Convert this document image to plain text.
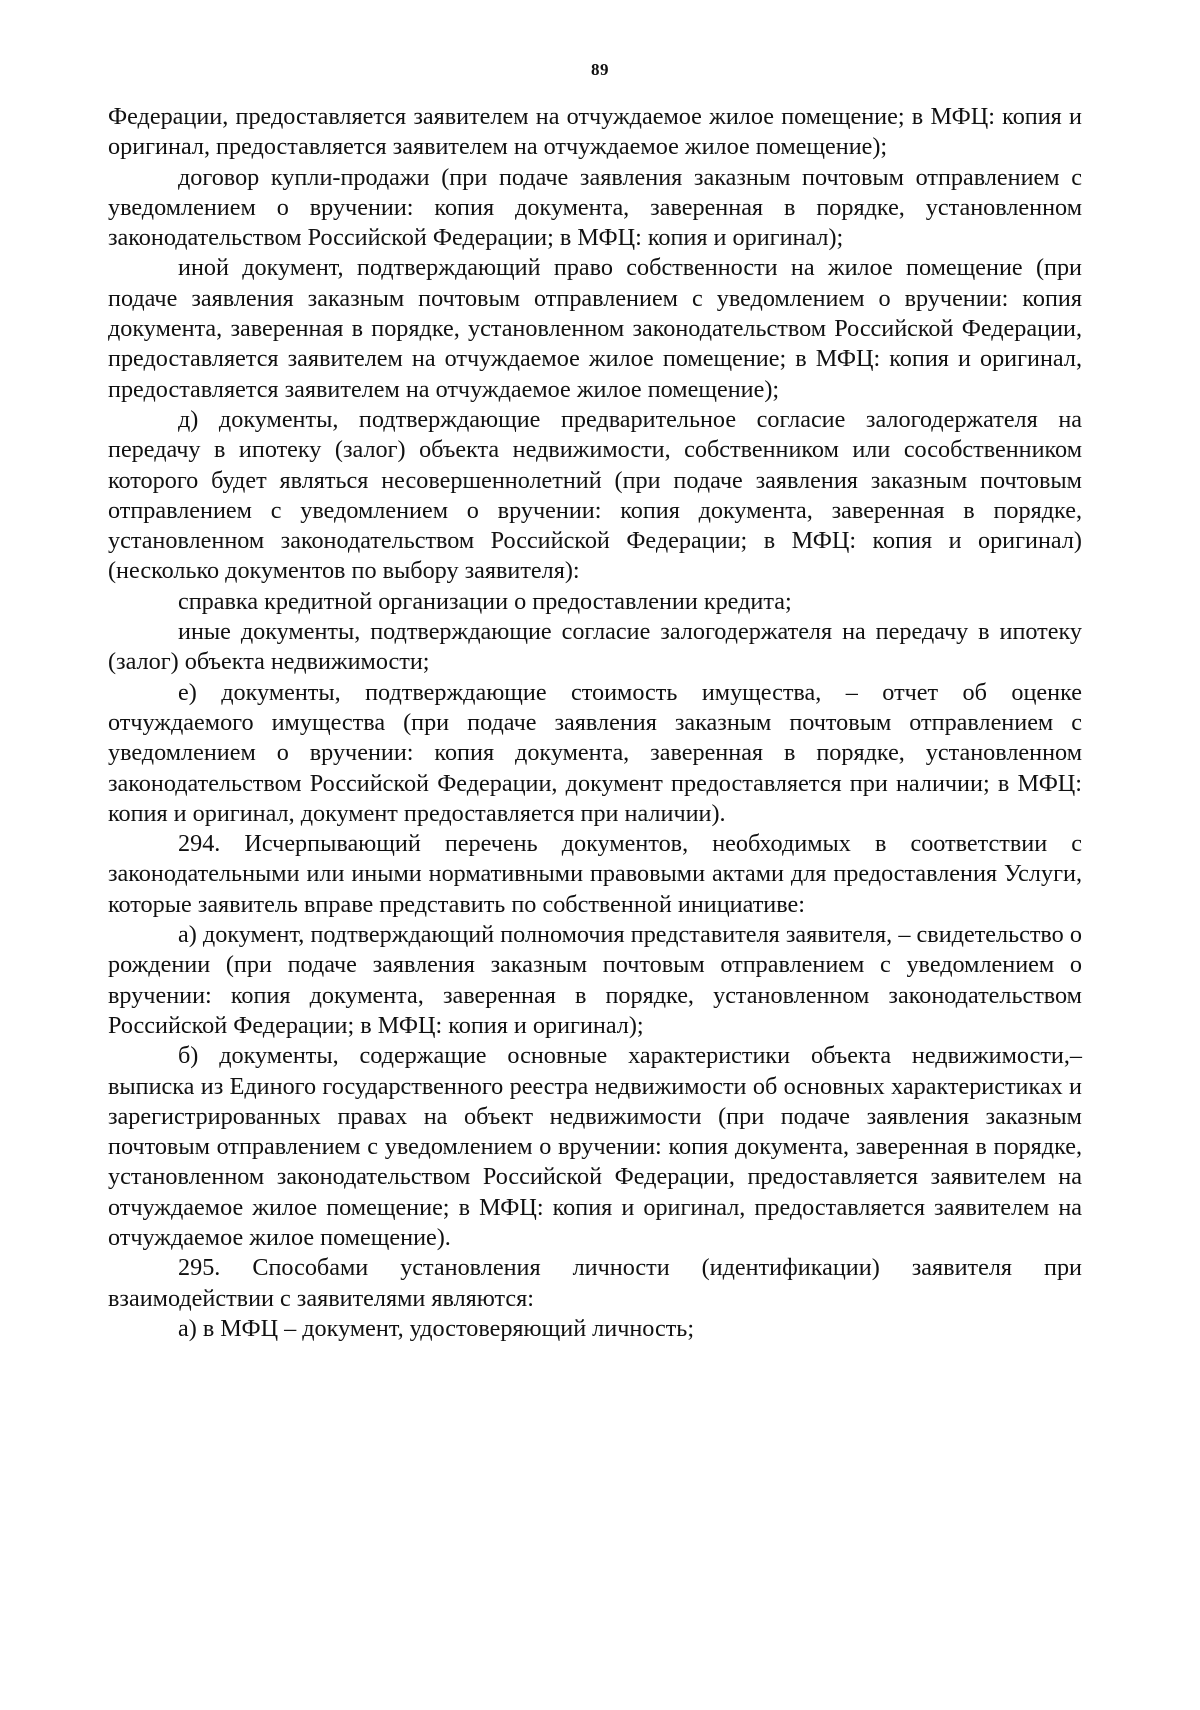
89

Федерации, предоставляется заявителем на отчуждаемое жилое помещение; в МФЦ: копия и оригинал, предоставляется заявителем на отчуждаемое жилое помещение);

договор купли-продажи (при подаче заявления заказным почтовым отправлением с уведомлением о вручении: копия документа, заверенная в порядке, установленном законодательством Российской Федерации; в МФЦ: копия и оригинал);

иной документ, подтверждающий право собственности на жилое помещение (при подаче заявления заказным почтовым отправлением с уведомлением о вручении: копия документа, заверенная в порядке, установленном законодательством Российской Федерации, предоставляется заявителем на отчуждаемое жилое помещение; в МФЦ: копия и оригинал, предоставляется заявителем на отчуждаемое жилое помещение);

д) документы, подтверждающие предварительное согласие залогодержателя на передачу в ипотеку (залог) объекта недвижимости, собственником или сособственником которого будет являться несовершеннолетний (при подаче заявления заказным почтовым отправлением с уведомлением о вручении: копия документа, заверенная в порядке, установленном законодательством Российской Федерации; в МФЦ: копия и оригинал) (несколько документов по выбору заявителя):

справка кредитной организации о предоставлении кредита;

иные документы, подтверждающие согласие залогодержателя на передачу в ипотеку (залог) объекта недвижимости;

е) документы, подтверждающие стоимость имущества, – отчет об оценке отчуждаемого имущества (при подаче заявления заказным почтовым отправлением с уведомлением о вручении: копия документа, заверенная в порядке, установленном законодательством Российской Федерации, документ предоставляется при наличии; в МФЦ: копия и оригинал, документ предоставляется при наличии).

294. Исчерпывающий перечень документов, необходимых в соответствии с законодательными или иными нормативными правовыми актами для предоставления Услуги, которые заявитель вправе представить по собственной инициативе:

а) документ, подтверждающий полномочия представителя заявителя, – свидетельство о рождении (при подаче заявления заказным почтовым отправлением с уведомлением о вручении: копия документа, заверенная в порядке, установленном законодательством Российской Федерации; в МФЦ: копия и оригинал);

б) документы, содержащие основные характеристики объекта недвижимости,– выписка из Единого государственного реестра недвижимости об основных характеристиках и зарегистрированных правах на объект недвижимости (при подаче заявления заказным почтовым отправлением с уведомлением о вручении: копия документа, заверенная в порядке, установленном законодательством Российской Федерации, предоставляется заявителем на отчуждаемое жилое помещение; в МФЦ: копия и оригинал, предоставляется заявителем на отчуждаемое жилое помещение).

295. Способами установления личности (идентификации) заявителя при взаимодействии с заявителями являются:

а) в МФЦ – документ, удостоверяющий личность;
